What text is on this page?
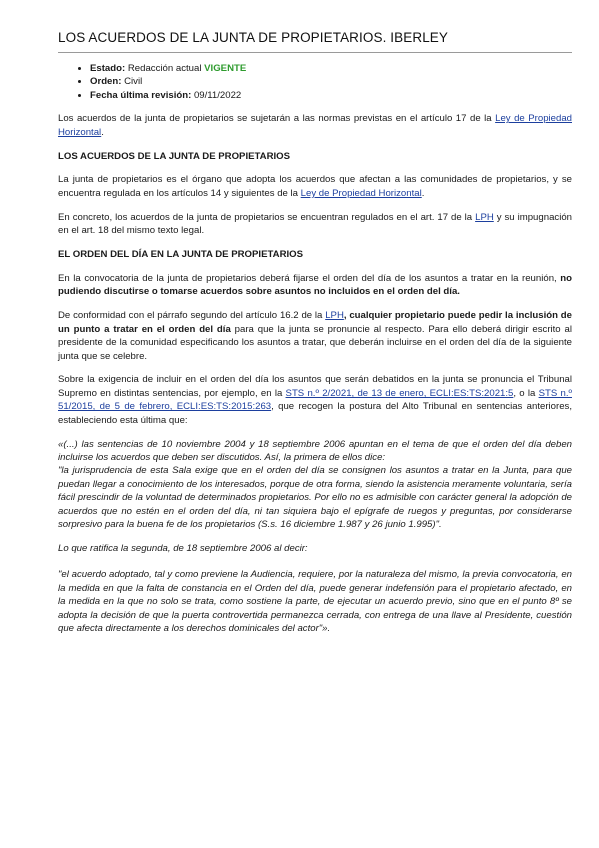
LOS ACUERDOS DE LA JUNTA DE PROPIETARIOS. IBERLEY
• Estado: Redacción actual VIGENTE
• Orden: Civil
• Fecha última revisión: 09/11/2022

Los acuerdos de la junta de propietarios se sujetarán a las normas previstas en el artículo 17 de la Ley de Propiedad Horizontal.

LOS ACUERDOS DE LA JUNTA DE PROPIETARIOS

La junta de propietarios es el órgano que adopta los acuerdos que afectan a las comunidades de propietarios, y se encuentra regulada en los artículos 14 y siguientes de la Ley de Propiedad Horizontal.

En concreto, los acuerdos de la junta de propietarios se encuentran regulados en el art. 17 de la LPH y su impugnación en el art. 18 del mismo texto legal.

EL ORDEN DEL DÍA EN LA JUNTA DE PROPIETARIOS

En la convocatoria de la junta de propietarios deberá fijarse el orden del día de los asuntos a tratar en la reunión, no pudiendo discutirse o tomarse acuerdos sobre asuntos no incluidos en el orden del día.

De conformidad con el párrafo segundo del artículo 16.2 de la LPH, cualquier propietario puede pedir la inclusión de un punto a tratar en el orden del día para que la junta se pronuncie al respecto. Para ello deberá dirigir escrito al presidente de la comunidad especificando los asuntos a tratar, que deberán incluirse en el orden del día de la siguiente junta que se celebre.

Sobre la exigencia de incluir en el orden del día los asuntos que serán debatidos en la junta se pronuncia el Tribunal Supremo en distintas sentencias, por ejemplo, en la STS n.º 2/2021, de 13 de enero, ECLI:ES:TS:2021:5, o la STS n.º 51/2015, de 5 de febrero, ECLI:ES:TS:2015:263, que recogen la postura del Alto Tribunal en sentencias anteriores, estableciendo esta última que:

«(...) las sentencias de 10 noviembre 2004 y 18 septiembre 2006 apuntan en el tema de que el orden del día deben incluirse los acuerdos que deben ser discutidos. Así, la primera de ellos dice:

"la jurisprudencia de esta Sala exige que en el orden del día se consignen los asuntos a tratar en la Junta, para que puedan llegar a conocimiento de los interesados, porque de otra forma, siendo la asistencia meramente voluntaria, sería fácil prescindir de la voluntad de determinados propietarios. Por ello no es admisible con carácter general la adopción de acuerdos que no estén en el orden del día, ni tan siquiera bajo el epígrafe de ruegos y preguntas, por considerarse sorpresivo para la buena fe de los propietarios (S.s. 16 diciembre 1.987 y 26 junio 1.995)".

Lo que ratifica la segunda, de 18 septiembre 2006 al decir:

"el acuerdo adoptado, tal y como previene la Audiencia, requiere, por la naturaleza del mismo, la previa convocatoria, en la medida en que la falta de constancia en el Orden del día, puede generar indefensión para el propietario afectado, en la medida en la que no solo se trata, como sostiene la parte, de ejecutar un acuerdo previo, sino que en el punto 8º se adopta la decisión de que la puerta controvertida permanezca cerrada, con entrega de una llave al Presidente, cuestión que afecta directamente a los derechos dominicales del actor"».
